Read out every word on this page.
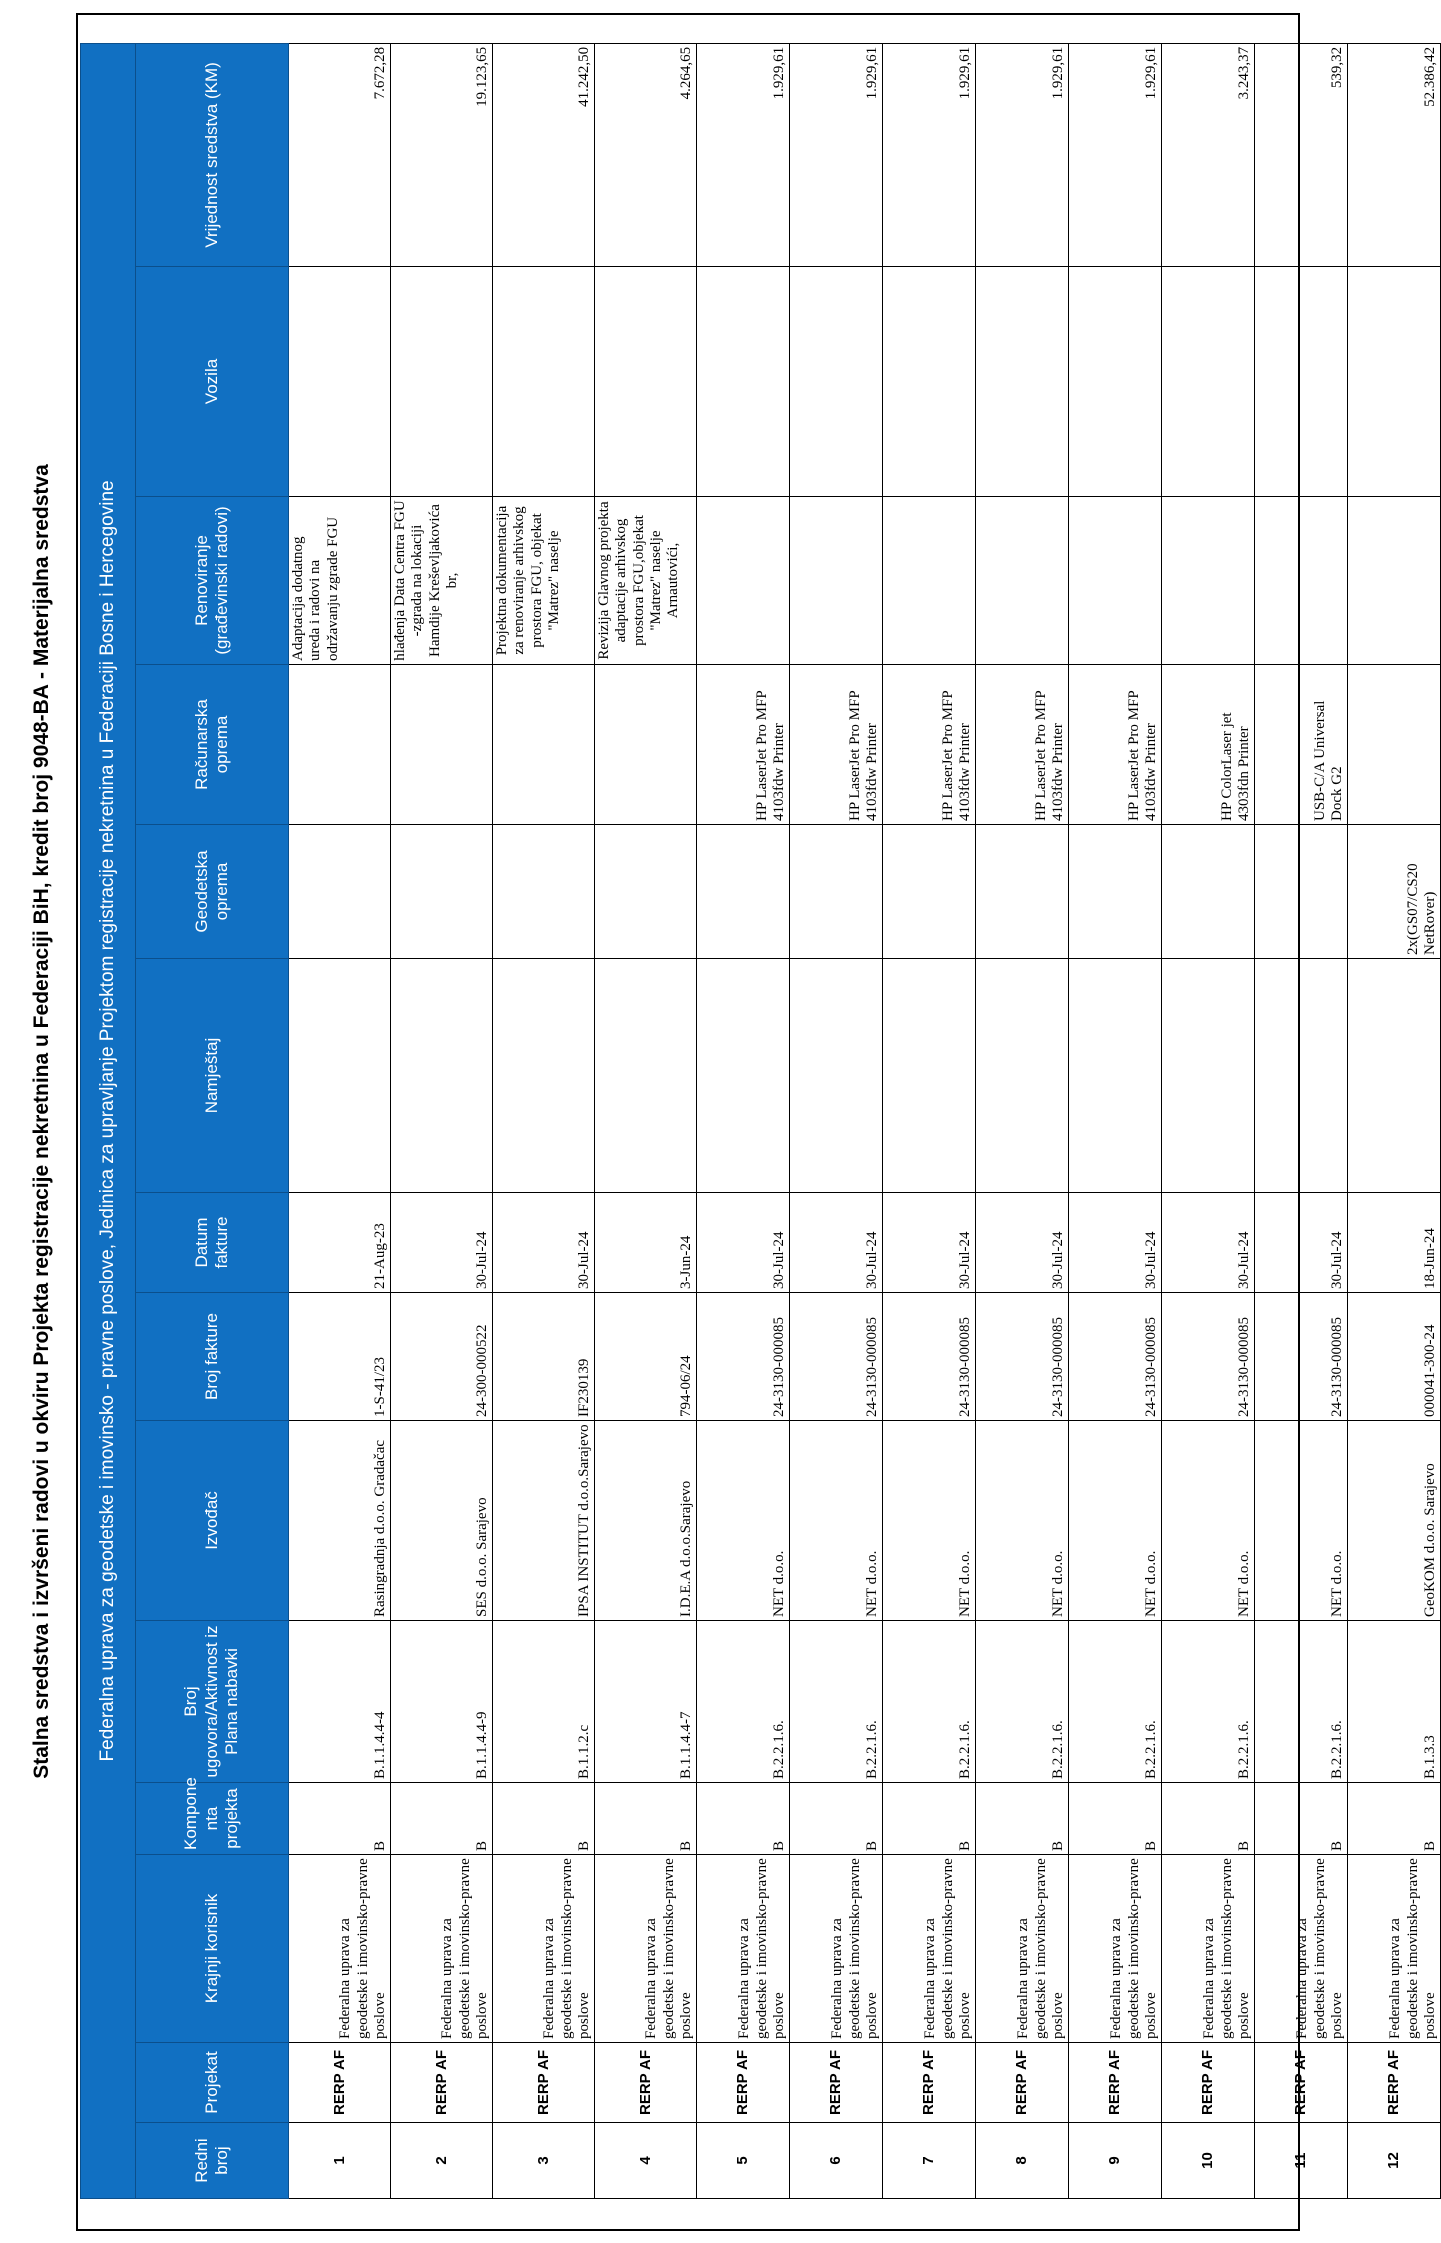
Stalna sredstva i izvršeni radovi u okviru Projekta registracije nekretnina u Federaciji BiH, kredit broj 9048-BA - Materijalna sredstva Federalna uprava za geodetske i imovinsko - pravne poslove, Jedinica za upravljanje Projektom registracije nekretnina u Federaciji Bosne i Hercegovine													
Redni broj	Projekat	Krajnji korisnik	Kompone nta projekta	Broj ugovora/Aktivnost iz Plana nabavki	Izvođač	Broj fakture	Datum fakture	Namještaj	Geodetska oprema	Računarska oprema	Renoviranje (građevinski radovi)	Vozila	Vrijednost sredstva (KM)
1	RERP AF	Federalna uprava za geodetske i imovinsko-pravne poslove	B	B.1.1.4.4-4	Rasingradnja d.o.o. Gradačac	1-S-41/23	21-Aug-23				Adaptacija dodatnog ureda i radovi na održavanju zgrade FGU		7.672,28
2	RERP AF	Federalna uprava za geodetske i imovinsko-pravne poslove	B	B.1.1.4.4-9	SES d.o.o. Sarajevo	24-300-000522	30-Jul-24				hlađenja Data Centra FGU -zgrada na lokaciji Hamdije Kreševljakovića br,		19.123,65
3	RERP AF	Federalna uprava za geodetske i imovinsko-pravne poslove	B	B.1.1.2.c	IPSA INSTITUT d.o.o.Sarajevo	IF230139	30-Jul-24				Projektna dokumentacija za renoviranje arhivskog prostora FGU, objekat "Matrez" naselje		41.242,50
4	RERP AF	Federalna uprava za geodetske i imovinsko-pravne poslove	B	B.1.1.4.4-7	I.D.E.A d.o.o.Sarajevo	794-06/24	3-Jun-24				Revizija Glavnog projekta adaptacije arhivskog prostora FGU,objekat "Matrez" naselje Arnautovići,		4.264,65
5	RERP AF	Federalna uprava za geodetske i imovinsko-pravne poslove	B	B.2.2.1.6.	NET d.o.o.	24-3130-000085	30-Jul-24			HP LaserJet Pro MFP 4103fdw Printer			1.929,61
6	RERP AF	Federalna uprava za geodetske i imovinsko-pravne poslove	B	B.2.2.1.6.	NET d.o.o.	24-3130-000085	30-Jul-24			HP LaserJet Pro MFP 4103fdw Printer			1.929,61
7	RERP AF	Federalna uprava za geodetske i imovinsko-pravne poslove	B	B.2.2.1.6.	NET d.o.o.	24-3130-000085	30-Jul-24			HP LaserJet Pro MFP 4103fdw Printer			1.929,61
8	RERP AF	Federalna uprava za geodetske i imovinsko-pravne poslove	B	B.2.2.1.6.	NET d.o.o.	24-3130-000085	30-Jul-24			HP LaserJet Pro MFP 4103fdw Printer			1.929,61
9	RERP AF	Federalna uprava za geodetske i imovinsko-pravne poslove	B	B.2.2.1.6.	NET d.o.o.	24-3130-000085	30-Jul-24			HP LaserJet Pro MFP 4103fdw Printer			1.929,61
10	RERP AF	Federalna uprava za geodetske i imovinsko-pravne poslove	B	B.2.2.1.6.	NET d.o.o.	24-3130-000085	30-Jul-24			HP ColorLaser jet 4303fdn Printer			3.243,37
11	RERP AF	Federalna uprava za geodetske i imovinsko-pravne poslove	B	B.2.2.1.6.	NET d.o.o.	24-3130-000085	30-Jul-24			USB-C/A Universal Dock G2			539,32
12	RERP AF	Federalna uprava za geodetske i imovinsko-pravne poslove	B	B.1.3.3	GeoKOM d.o.o. Sarajevo	000041-300-24	18-Jun-24		2x(GS07/CS20 NetRover)				52.386,42
